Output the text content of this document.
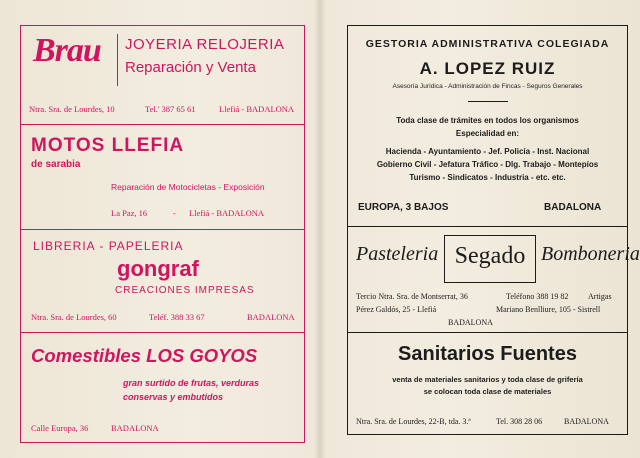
Brau JOYERIA RELOJERIA
Reparación y Venta
Ntra. Sra. de Lourdes, 10	Tel.' 387 65 61	Llefiá - BADALONA
MOTOS LLEFIA
de sarabia
Reparación de Motocicletas - Exposición
La Paz, 16	- Llefiá - BADALONA
LIBRERIA - PAPELERIA
gongraf
CREACIONES IMPRESAS
Ntra. Sra. de Lourdes, 60	Teléf. 388 33 67	BADALONA
Comestibles LOS GOYOS
gran surtido de frutas, verduras
conservas y embutidos
Calle Europa, 36	BADALONA
GESTORIA ADMINISTRATIVA COLEGIADA
A. LOPEZ RUIZ
Asesoría Jurídica - Administración de Fincas - Seguros Generales
Toda clase de trámites en todos los organismos
Especialidad en:
Hacienda - Ayuntamiento - Jef. Policía - Inst. Nacional
Gobierno Civil - Jefatura Tráfico - Dlg. Trabajo - Montepíos
Turismo - Sindicatos - Industria - etc. etc.
EUROPA, 3 BAJOS	BADALONA
Pasteleria Segado Bomboneria
Tercio Ntra. Sra. de Montserrat, 36	Teléfono 388 19 82 Artigas
Pérez Galdós, 25 - Llefiá	Mariano Benlliure, 105 - Sistrell
BADALONA
Sanitarios Fuentes
venta de materiales sanitarios y toda clase de grifería
se colocan toda clase de materiales
Ntra. Sra. de Lourdes, 22-B, tda. 3.ª	Tel. 308 28 06	BADALONA
